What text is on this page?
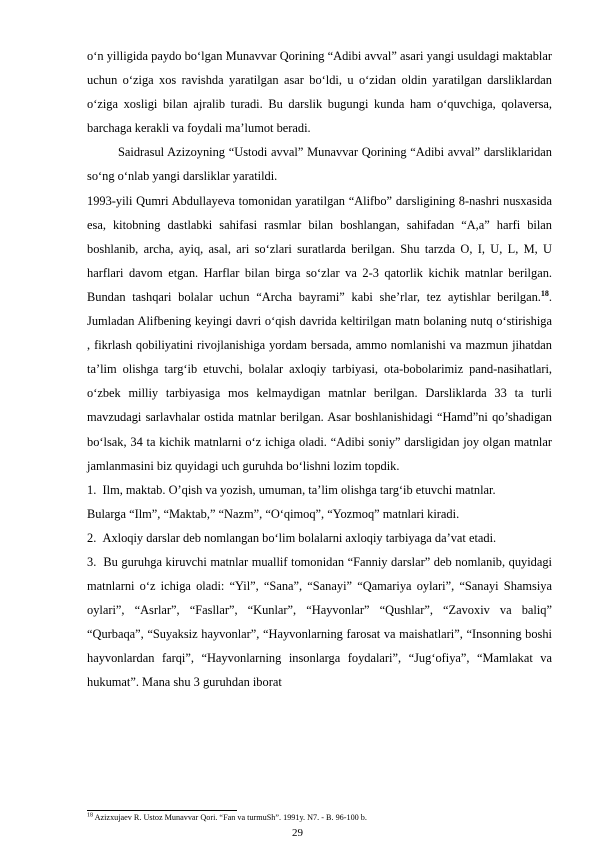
o‘n yilligida paydo bo‘lgan Munavvar Qorining “Adibi avval” asari yangi usuldagi maktablar uchun o‘ziga xos ravishda yaratilgan asar bo‘ldi, u o‘zidan oldin yaratilgan darsliklardan o‘ziga xosligi bilan ajralib turadi. Bu darslik bugungi kunda ham o‘quvchiga, qolaversa, barchaga kerakli va foydali ma’lumot beradi.

Saidrasul Azizoyning “Ustodi avval” Munavvar Qorining “Adibi avval” darsliklaridan so‘ng o‘nlab yangi darsliklar yaratildi.

1993-yili Qumri Abdullayeva tomonidan yaratilgan “Alifbo” darsligining 8-nashri nusxasida esa, kitobning dastlabki sahifasi rasmlar bilan boshlangan, sahifadan “A,a” harfi bilan boshlanib, archa, ayiq, asal, ari so‘zlari suratlarda berilgan. Shu tarzda O, I, U, L, M, U harflari davom etgan. Harflar bilan birga so‘zlar va 2-3 qatorlik kichik matnlar berilgan. Bundan tashqari bolalar uchun “Archa bayrami” kabi she’rlar, tez aytishlar berilgan.$^{18}$. Jumladan Alifbening keyingi davri o‘qish davrida keltirilgan matn bolaning nutq o‘stirishiga , fikrlash qobiliyatini rivojlanishiga yordam bersada, ammo nomlanishi va mazmun jihatdan ta’lim olishga targ‘ib etuvchi, bolalar axloqiy tarbiyasi, ota-bobolarimiz pand-nasihatlari, o‘zbek milliy tarbiyasiga mos kelmaydigan matnlar berilgan. Darsliklarda 33 ta turli mavzudagi sarlavhalar ostida matnlar berilgan. Asar boshlanishidagi “Hamd”ni qo’shadigan bo‘lsak, 34 ta kichik matnlarni o‘z ichiga oladi. “Adibi soniy” darsligidan joy olgan matnlar jamlanmasini biz quyidagi uch guruhda bo‘lishni lozim topdik.

1. Ilm, maktab. O’qish va yozish, umuman, ta’lim olishga targ‘ib etuvchi matnlar.

Bularga “Ilm”, “Maktab,” “Nazm”, “O‘qimoq”, “Yozmoq” matnlari kiradi.

2. Axloqiy darslar deb nomlangan bo‘lim bolalarni axloqiy tarbiyaga da’vat etadi.

3. Bu guruhga kiruvchi matnlar muallif tomonidan “Fanniy darslar” deb nomlanib, quyidagi matnlarni o‘z ichiga oladi: “Yil”, “Sana”, “Sanayi” “Qamariya oylari”, “Sanayi Shamsiya oylari”, “Asrlar”, “Fasllar”, “Kunlar”, “Hayvonlar” “Qushlar”, “Zavoxiv va baliq” “Qurbaqa”, “Suyaksiz hayvonlar”, “Hayvonlarning farosat va maishatlari”, “Insonning boshi hayvonlardan farqi”, “Hayvonlarning insonlarga foydalari”, “Jug‘ofiya”, “Mamlakat va hukumat”. Mana shu 3 guruhdan iborat

$^{18}$ Azizxujaev R. Ustoz Munavvar Qori. “Fan va turmuSh”. 1991y. N7. - B. 96-100 b.
29
